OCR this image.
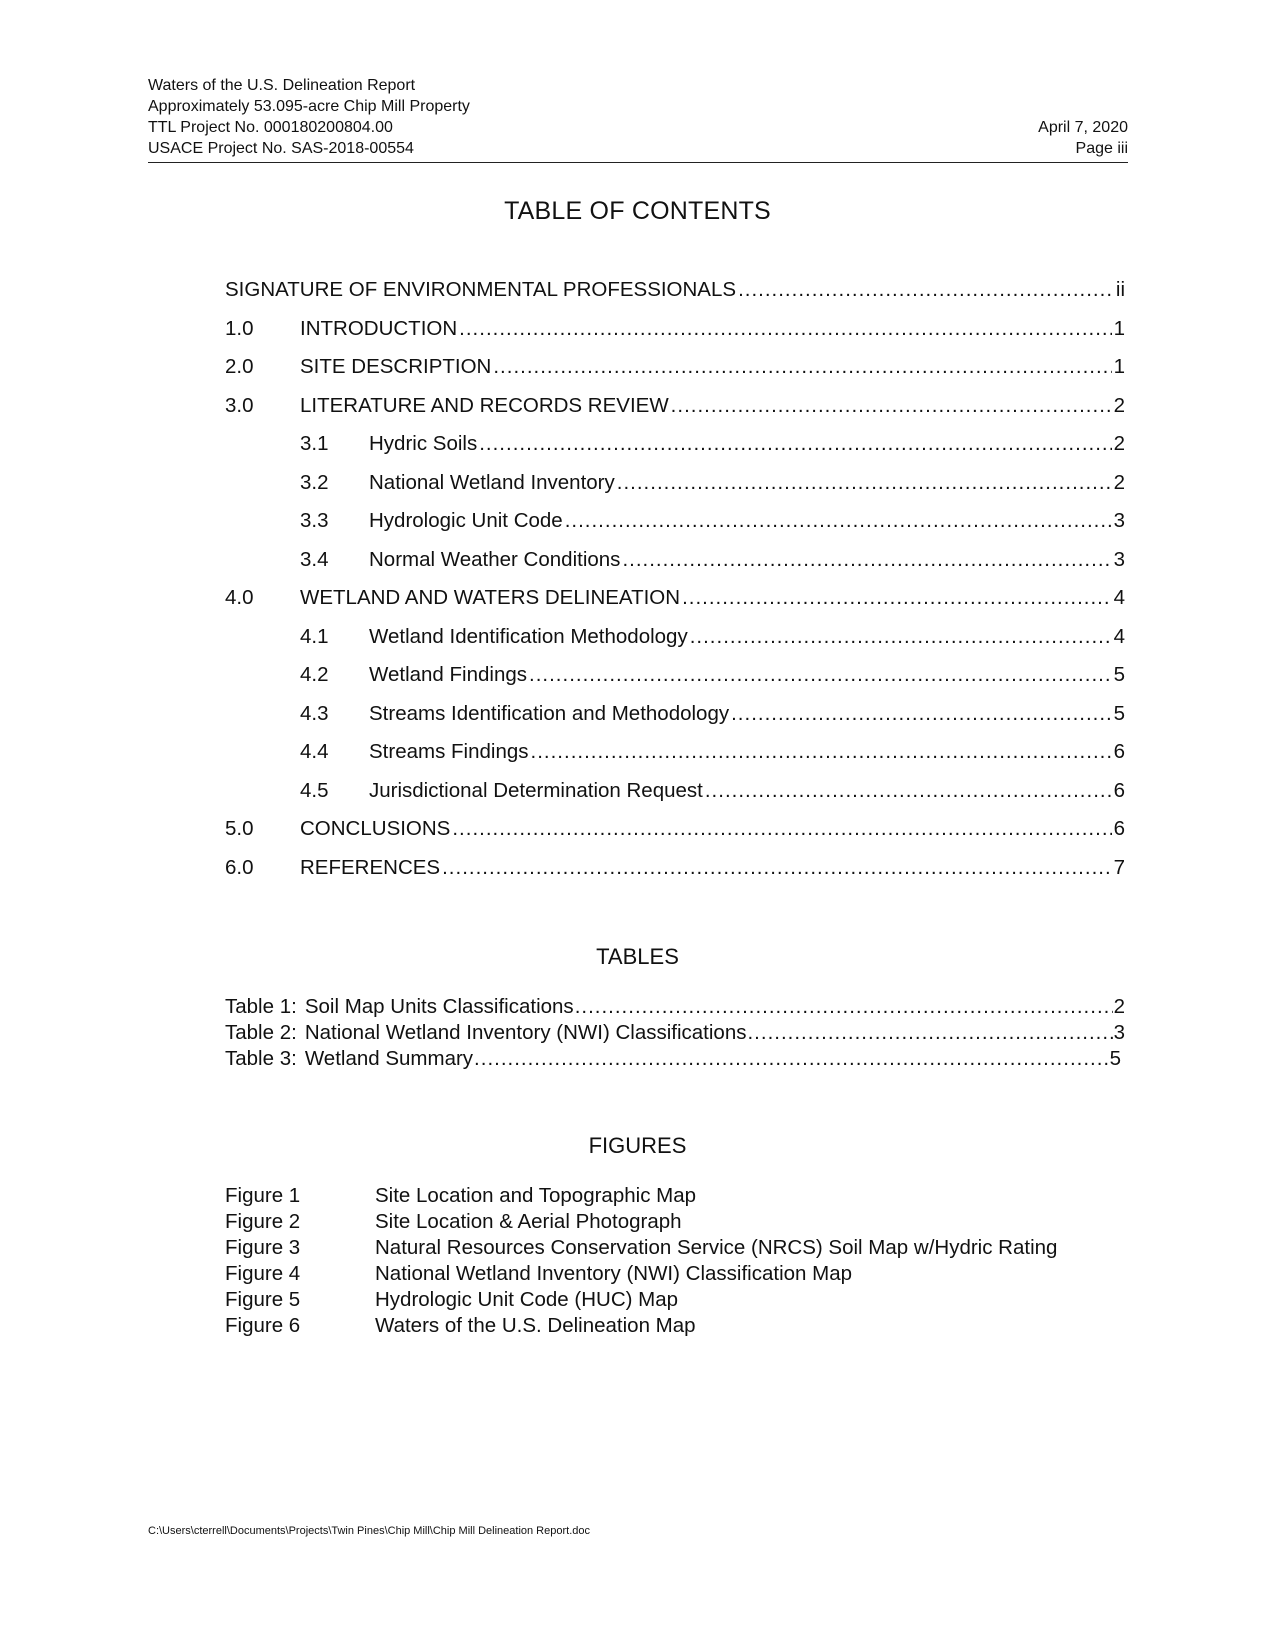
Waters of the U.S. Delineation Report
Approximately 53.095-acre Chip Mill Property
TTL Project No. 000180200804.00	April 7, 2020
USACE Project No. SAS-2018-00554	Page iii
TABLE OF CONTENTS
SIGNATURE OF ENVIRONMENTAL PROFESSIONALS .....	ii
1.0	INTRODUCTION .....	1
2.0	SITE DESCRIPTION .....	1
3.0	LITERATURE AND RECORDS REVIEW .....	2
3.1	Hydric Soils .....	2
3.2	National Wetland Inventory .....	2
3.3	Hydrologic Unit Code .....	3
3.4	Normal Weather Conditions .....	3
4.0	WETLAND AND WATERS DELINEATION .....	4
4.1	Wetland Identification Methodology .....	4
4.2	Wetland Findings .....	5
4.3	Streams Identification and Methodology .....	5
4.4	Streams Findings .....	6
4.5	Jurisdictional Determination Request .....	6
5.0	CONCLUSIONS .....	6
6.0	REFERENCES .....	7
TABLES
Table 1: Soil Map Units Classifications .....	2
Table 2: National Wetland Inventory (NWI) Classifications .....	3
Table 3: Wetland Summary .....	5
FIGURES
Figure 1	Site Location and Topographic Map
Figure 2	Site Location & Aerial Photograph
Figure 3	Natural Resources Conservation Service (NRCS) Soil Map w/Hydric Rating
Figure 4	National Wetland Inventory (NWI) Classification Map
Figure 5	Hydrologic Unit Code (HUC) Map
Figure 6	Waters of the U.S. Delineation Map
C:\Users\cterrell\Documents\Projects\Twin Pines\Chip Mill\Chip Mill Delineation Report.doc
